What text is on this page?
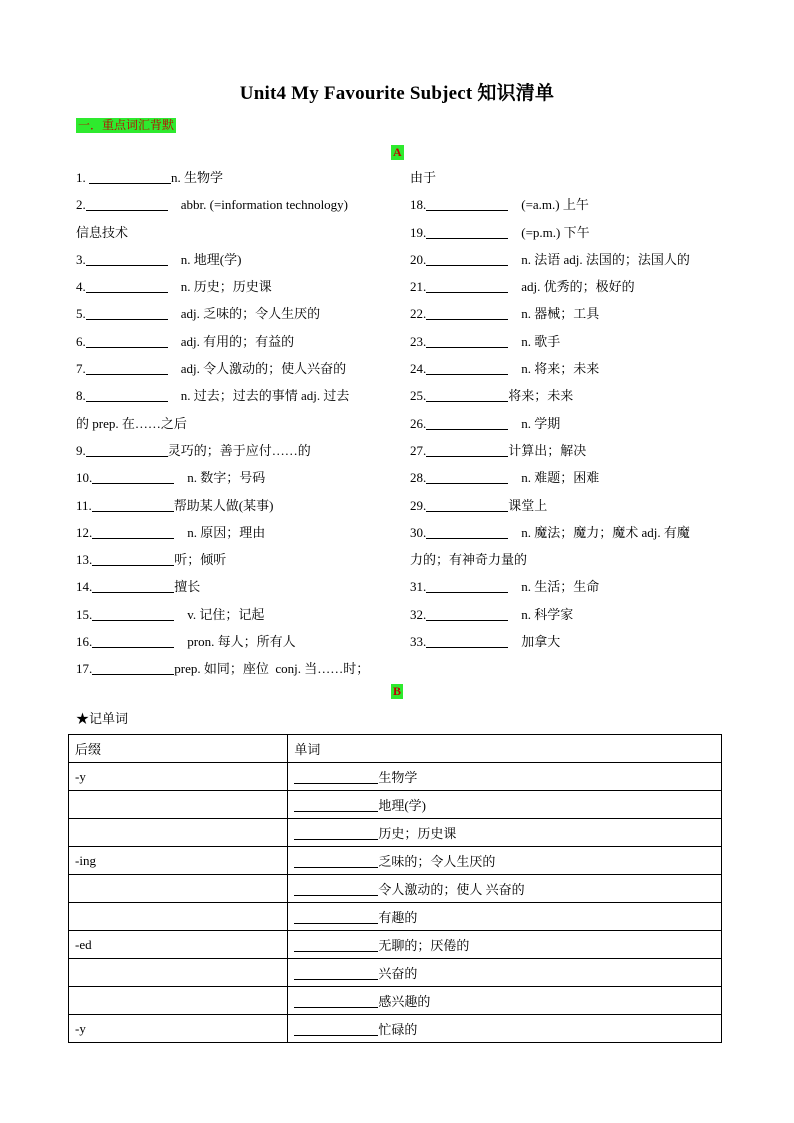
Unit4 My Favourite Subject 知识清单
一．重点词汇背默
A
1.	n. 生物学
2.	abbr. (=information technology)
信息技术
3.	n. 地理(学)
4.	n. 历史；历史课
5.	adj. 乏味的；令人生厌的
6.	adj. 有用的；有益的
7.	adj. 令人激动的；使人兴奋的
8.	n. 过去；过去的事情 adj. 过去
的 prep. 在……之后
9.	灵巧的；善于应付……的
10.	n. 数字；号码
11.	帮助某人做(某事)
12.	n. 原因；理由
13.	听；倾听
14.	擅长
15.	v. 记住；记起
16.	pron. 每人；所有人
17.	prep. 如同；座位  conj. 当……时；
由于
18.	(=a.m.) 上午
19.	(=p.m.) 下午
20.	n. 法语 adj. 法国的；法国人的
21.	adj. 优秀的；极好的
22.	n. 器械；工具
23.	n. 歌手
24.	n. 将来；未来
25.	将来；未来
26.	n. 学期
27.	计算出；解决
28.	n. 难题；困难
29.	课堂上
30.	n. 魔法；魔力；魔术 adj. 有魔
力的；有神奇力量的
31.	n. 生活；生命
32.	n. 科学家
33.	加拿大
B
★记单词
后缀	单词
-y	生物学
	地理(学)
	历史；历史课
-ing	乏味的；令人生厌的
	令人激动的；使人 兴奋的
	有趣的
-ed	无聊的；厌倦的
	兴奋的
	感兴趣的
-y	忙碌的
